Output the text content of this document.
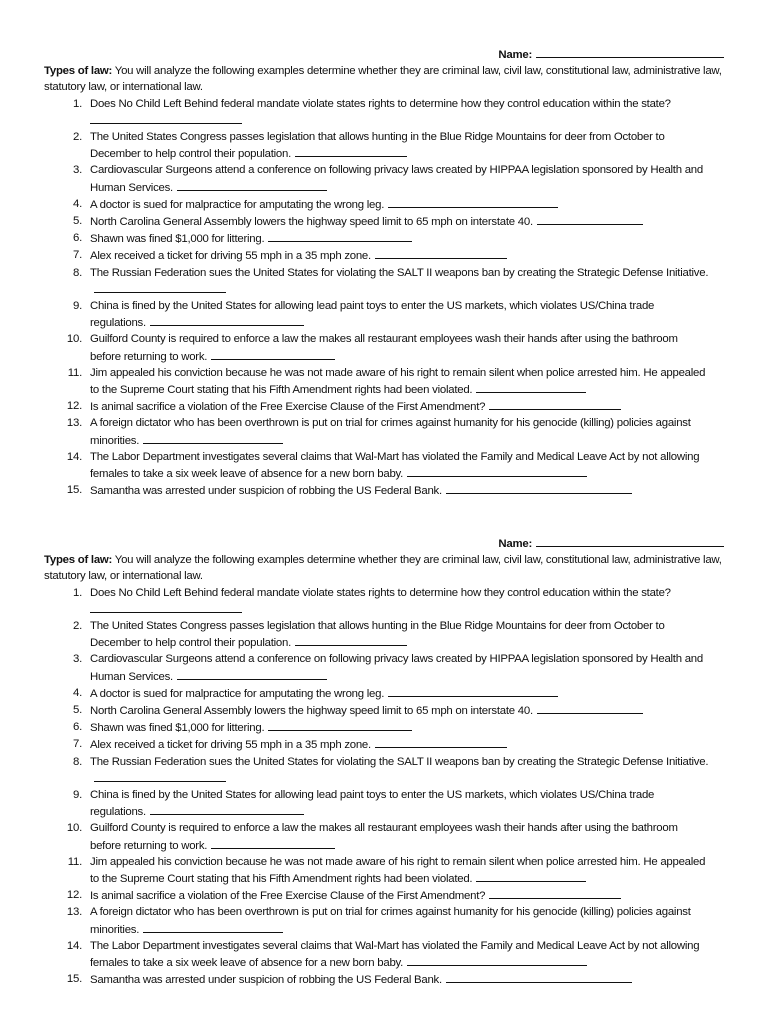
Name:

Types of law: You will analyze the following examples determine whether they are criminal law, civil law, constitutional law, administrative law, statutory law, or international law.

1. Does No Child Left Behind federal mandate violate states rights to determine how they control education within the state?

2. The United States Congress passes legislation that allows hunting in the Blue Ridge Mountains for deer from October to December to help control their population.
3. Cardiovascular Surgeons attend a conference on following privacy laws created by HIPPAA legislation sponsored by Health and Human Services.
4. A doctor is sued for malpractice for amputating the wrong leg.
5. North Carolina General Assembly lowers the highway speed limit to 65 mph on interstate 40.
6. Shawn was fined $1,000 for littering.
7. Alex received a ticket for driving 55 mph in a 35 mph zone.
8. The Russian Federation sues the United States for violating the SALT II weapons ban by creating the Strategic Defense Initiative.
9. China is fined by the United States for allowing lead paint toys to enter the US markets, which violates US/China trade regulations.
10. Guilford County is required to enforce a law the makes all restaurant employees wash their hands after using the bathroom before returning to work.
11. Jim appealed his conviction because he was not made aware of his right to remain silent when police arrested him. He appealed to the Supreme Court stating that his Fifth Amendment rights had been violated.
12. Is animal sacrifice a violation of the Free Exercise Clause of the First Amendment?
13. A foreign dictator who has been overthrown is put on trial for crimes against humanity for his genocide (killing) policies against minorities.
14. The Labor Department investigates several claims that Wal-Mart has violated the Family and Medical Leave Act by not allowing females to take a six week leave of absence for a new born baby.
15. Samantha was arrested under suspicion of robbing the US Federal Bank.
Name:

Types of law: You will analyze the following examples determine whether they are criminal law, civil law, constitutional law, administrative law, statutory law, or international law.

1. Does No Child Left Behind federal mandate violate states rights to determine how they control education within the state?

2. The United States Congress passes legislation that allows hunting in the Blue Ridge Mountains for deer from October to December to help control their population.
3. Cardiovascular Surgeons attend a conference on following privacy laws created by HIPPAA legislation sponsored by Health and Human Services.
4. A doctor is sued for malpractice for amputating the wrong leg.
5. North Carolina General Assembly lowers the highway speed limit to 65 mph on interstate 40.
6. Shawn was fined $1,000 for littering.
7. Alex received a ticket for driving 55 mph in a 35 mph zone.
8. The Russian Federation sues the United States for violating the SALT II weapons ban by creating the Strategic Defense Initiative.
9. China is fined by the United States for allowing lead paint toys to enter the US markets, which violates US/China trade regulations.
10. Guilford County is required to enforce a law the makes all restaurant employees wash their hands after using the bathroom before returning to work.
11. Jim appealed his conviction because he was not made aware of his right to remain silent when police arrested him. He appealed to the Supreme Court stating that his Fifth Amendment rights had been violated.
12. Is animal sacrifice a violation of the Free Exercise Clause of the First Amendment?
13. A foreign dictator who has been overthrown is put on trial for crimes against humanity for his genocide (killing) policies against minorities.
14. The Labor Department investigates several claims that Wal-Mart has violated the Family and Medical Leave Act by not allowing females to take a six week leave of absence for a new born baby.
15. Samantha was arrested under suspicion of robbing the US Federal Bank.
